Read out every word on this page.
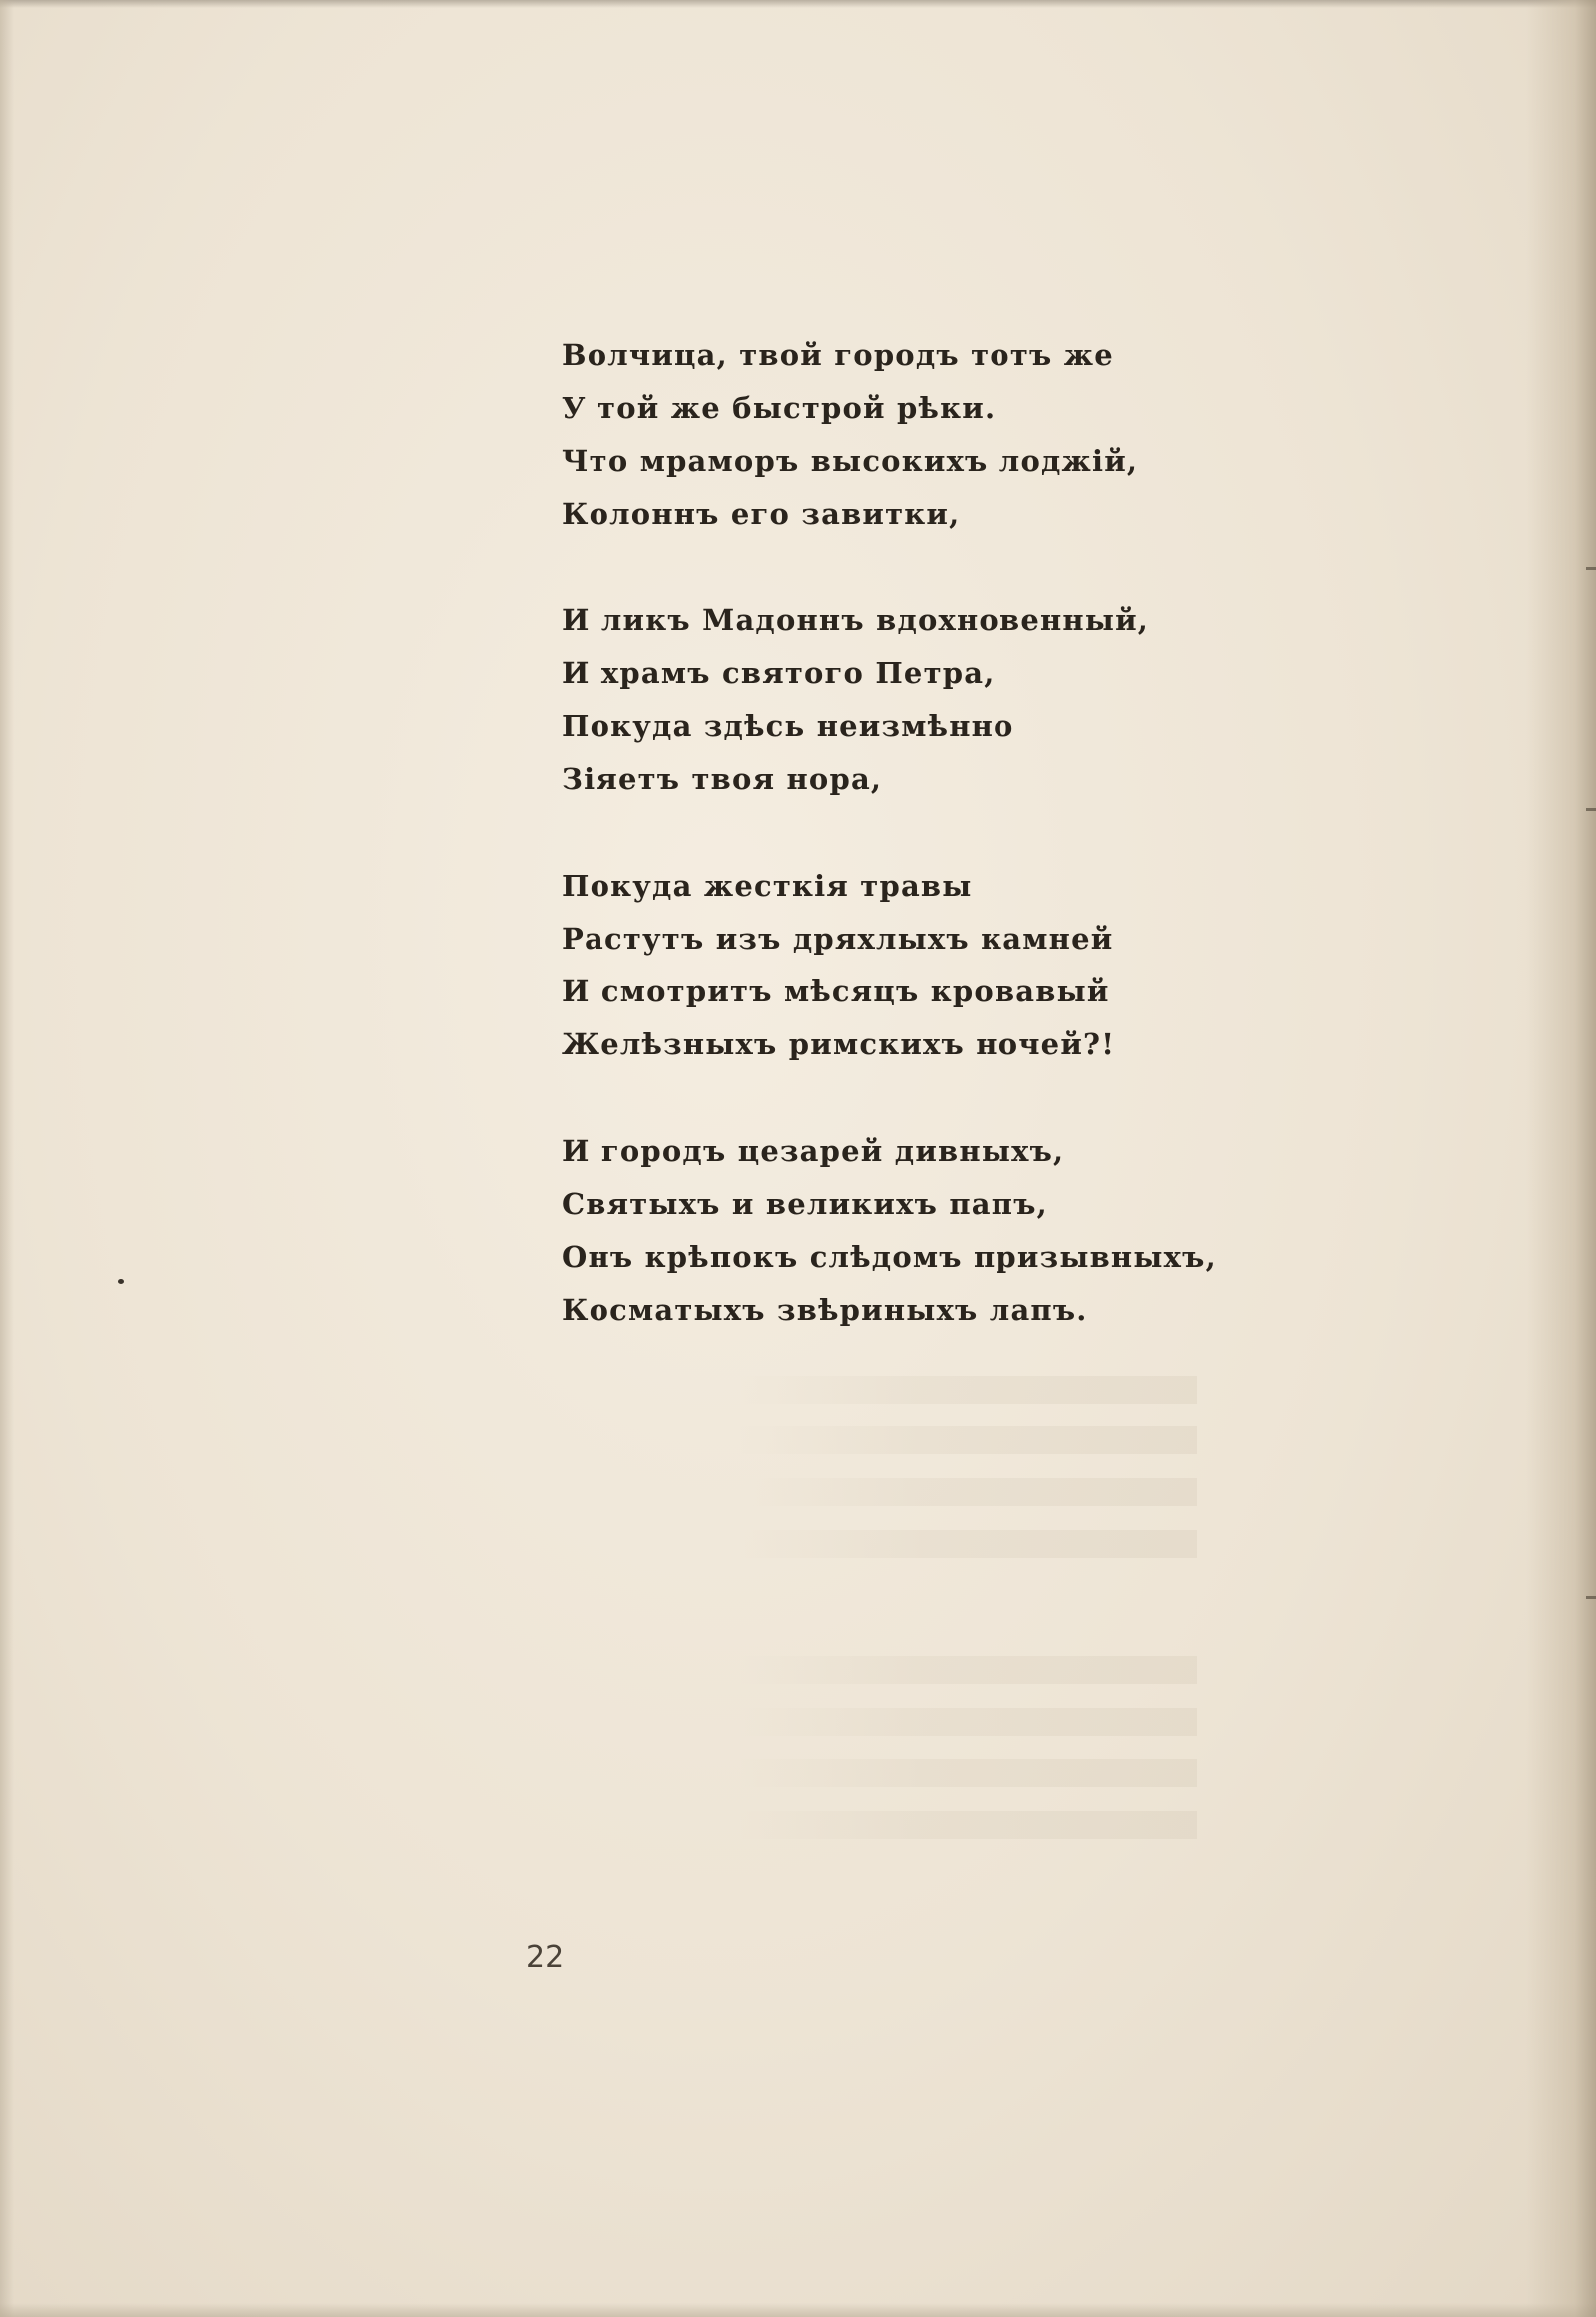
Волчица, твой городъ тотъ же
У той же быстрой рѣки.
Что мраморъ высокихъ лоджій,
Колоннъ его завитки,
И ликъ Мадоннъ вдохновенный,
И храмъ святого Петра,
Покуда здѣсь неизмѣнно
Зіяетъ твоя нора,
Покуда жесткія травы
Растутъ изъ дряхлыхъ камней
И смотритъ мѣсяцъ кровавый
Желѣзныхъ римскихъ ночей?!
И городъ цезарей дивныхъ,
Святыхъ и великихъ папъ,
Онъ крѣпокъ слѣдомъ призывныхъ,
Косматыхъ звѣриныхъ лапъ.
22
